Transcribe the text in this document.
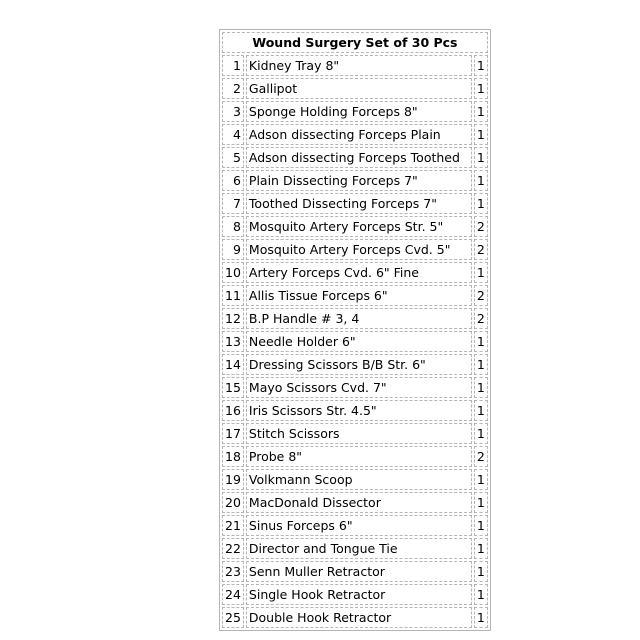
Wound Surgery Set of 30 Pcs		
1	Kidney Tray 8"	1
2	Gallipot	1
3	Sponge Holding Forceps 8"	1
4	Adson dissecting Forceps Plain	1
5	Adson dissecting Forceps Toothed	1
6	Plain Dissecting Forceps 7"	1
7	Toothed Dissecting Forceps 7"	1
8	Mosquito Artery Forceps Str. 5"	2
9	Mosquito Artery Forceps Cvd. 5"	2
10	Artery Forceps Cvd. 6" Fine	1
11	Allis Tissue Forceps 6"	2
12	B.P Handle # 3, 4	2
13	Needle Holder 6"	1
14	Dressing Scissors B/B Str. 6"	1
15	Mayo Scissors Cvd. 7"	1
16	Iris Scissors Str. 4.5"	1
17	Stitch Scissors	1
18	Probe 8"	2
19	Volkmann Scoop	1
20	MacDonald Dissector	1
21	Sinus Forceps 6"	1
22	Director and Tongue Tie	1
23	Senn Muller Retractor	1
24	Single Hook Retractor	1
25	Double Hook Retractor	1
